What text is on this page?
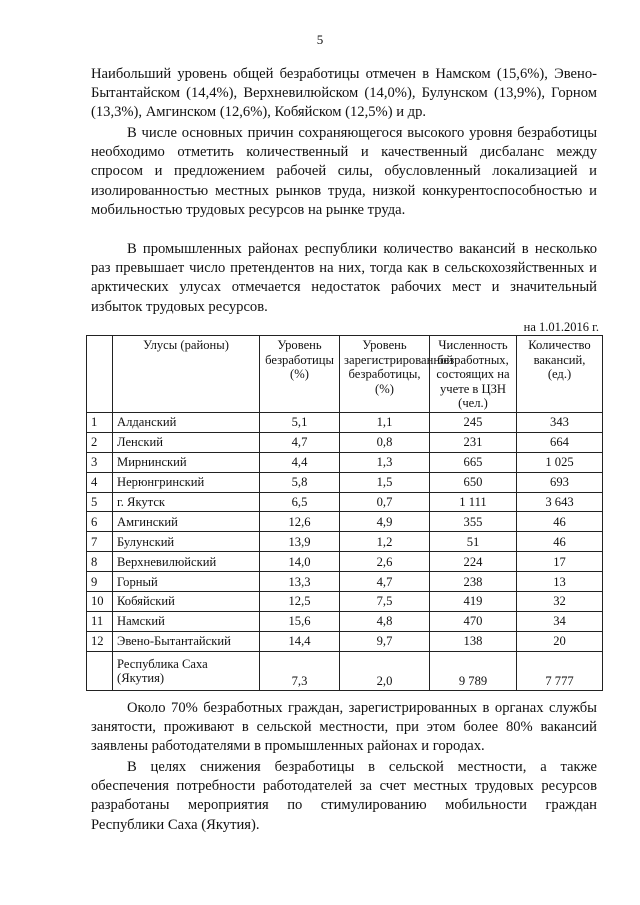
5

Наибольший уровень общей безработицы отмечен в Намском (15,6%), Эвено-Бытантайском (14,4%), Верхневилюйском (14,0%), Булунском (13,9%), Горном (13,3%), Амгинском (12,6%), Кобяйском (12,5%) и др.

В числе основных причин сохраняющегося высокого уровня безработицы необходимо отметить количественный и качественный дисбаланс между спросом и предложением рабочей силы, обусловленный локализацией и изолированностью местных рынков труда, низкой конкурентоспособностью и мобильностью трудовых ресурсов на рынке труда.

В промышленных районах республики количество вакансий в несколько раз превышает число претендентов на них, тогда как в сельскохозяйственных и арктических улусах отмечается недостаток рабочих мест и значительный избыток трудовых ресурсов.

на 1.01.2016 г.
	Улусы (районы)	Уровень безработицы (%)	Уровень зарегистрированной безработицы, (%)	Численность безработных, состоящих на учете в ЦЗН (чел.)	Количество вакансий, (ед.)
1	Алданский	5,1	1,1	245	343
2	Ленский	4,7	0,8	231	664
3	Мирнинский	4,4	1,3	665	1 025
4	Нерюнгринский	5,8	1,5	650	693
5	г. Якутск	6,5	0,7	1 111	3 643
6	Амгинский	12,6	4,9	355	46
7	Булунский	13,9	1,2	51	46
8	Верхневилюйский	14,0	2,6	224	17
9	Горный	13,3	4,7	238	13
10	Кобяйский	12,5	7,5	419	32
11	Намский	15,6	4,8	470	34
12	Эвено-Бытантайский	14,4	9,7	138	20
	Республика Саха (Якутия)	7,3	2,0	9 789	7 777

Около 70% безработных граждан, зарегистрированных в органах службы занятости, проживают в сельской местности, при этом более 80% вакансий заявлены работодателями в промышленных районах и городах.

В целях снижения безработицы в сельской местности, а также обеспечения потребности работодателей за счет местных трудовых ресурсов разработаны мероприятия по стимулированию мобильности граждан Республики Саха (Якутия).
